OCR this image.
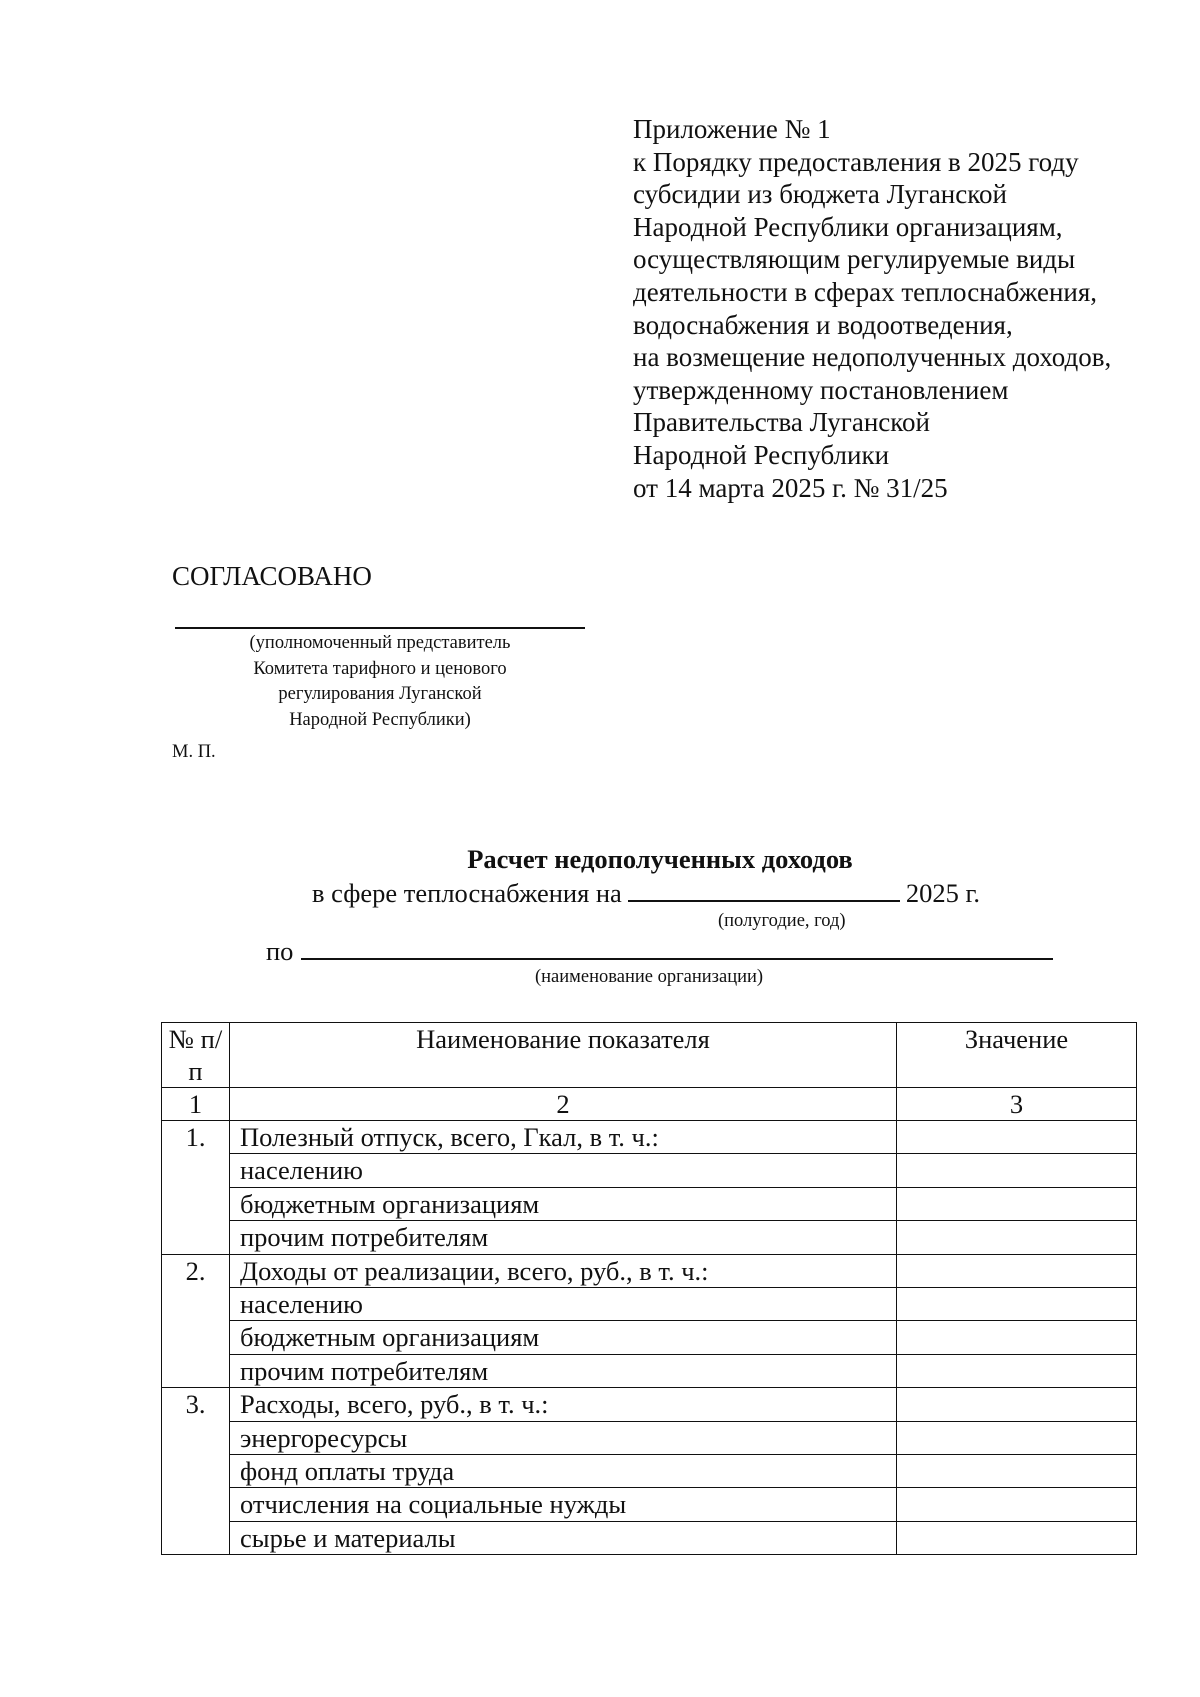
Приложение № 1
к Порядку предоставления в 2025 году
субсидии из бюджета Луганской
Народной Республики организациям,
осуществляющим регулируемые виды
деятельности в сферах теплоснабжения,
водоснабжения и водоотведения,
на возмещение недополученных доходов,
утвержденному постановлением
Правительства Луганской
Народной Республики
от 14 марта 2025 г. № 31/25
СОГЛАСОВАНО
(уполномоченный представитель
Комитета тарифного и ценового
регулирования Луганской
Народной Республики)
М. П.
Расчет недополученных доходов
в сфере теплоснабжения на	2025 г.
(полугодие, год)
по
(наименование организации)
№ п/п	Наименование показателя	Значение
1	2	3
1.	Полезный отпуск, всего, Гкал, в т. ч.:	
	населению	
	бюджетным организациям	
	прочим потребителям	
2.	Доходы от реализации, всего, руб., в т. ч.:	
	населению	
	бюджетным организациям	
	прочим потребителям	
3.	Расходы, всего, руб., в т. ч.:	
	энергоресурсы	
	фонд оплаты труда	
	отчисления на социальные нужды	
	сырье и материалы	
